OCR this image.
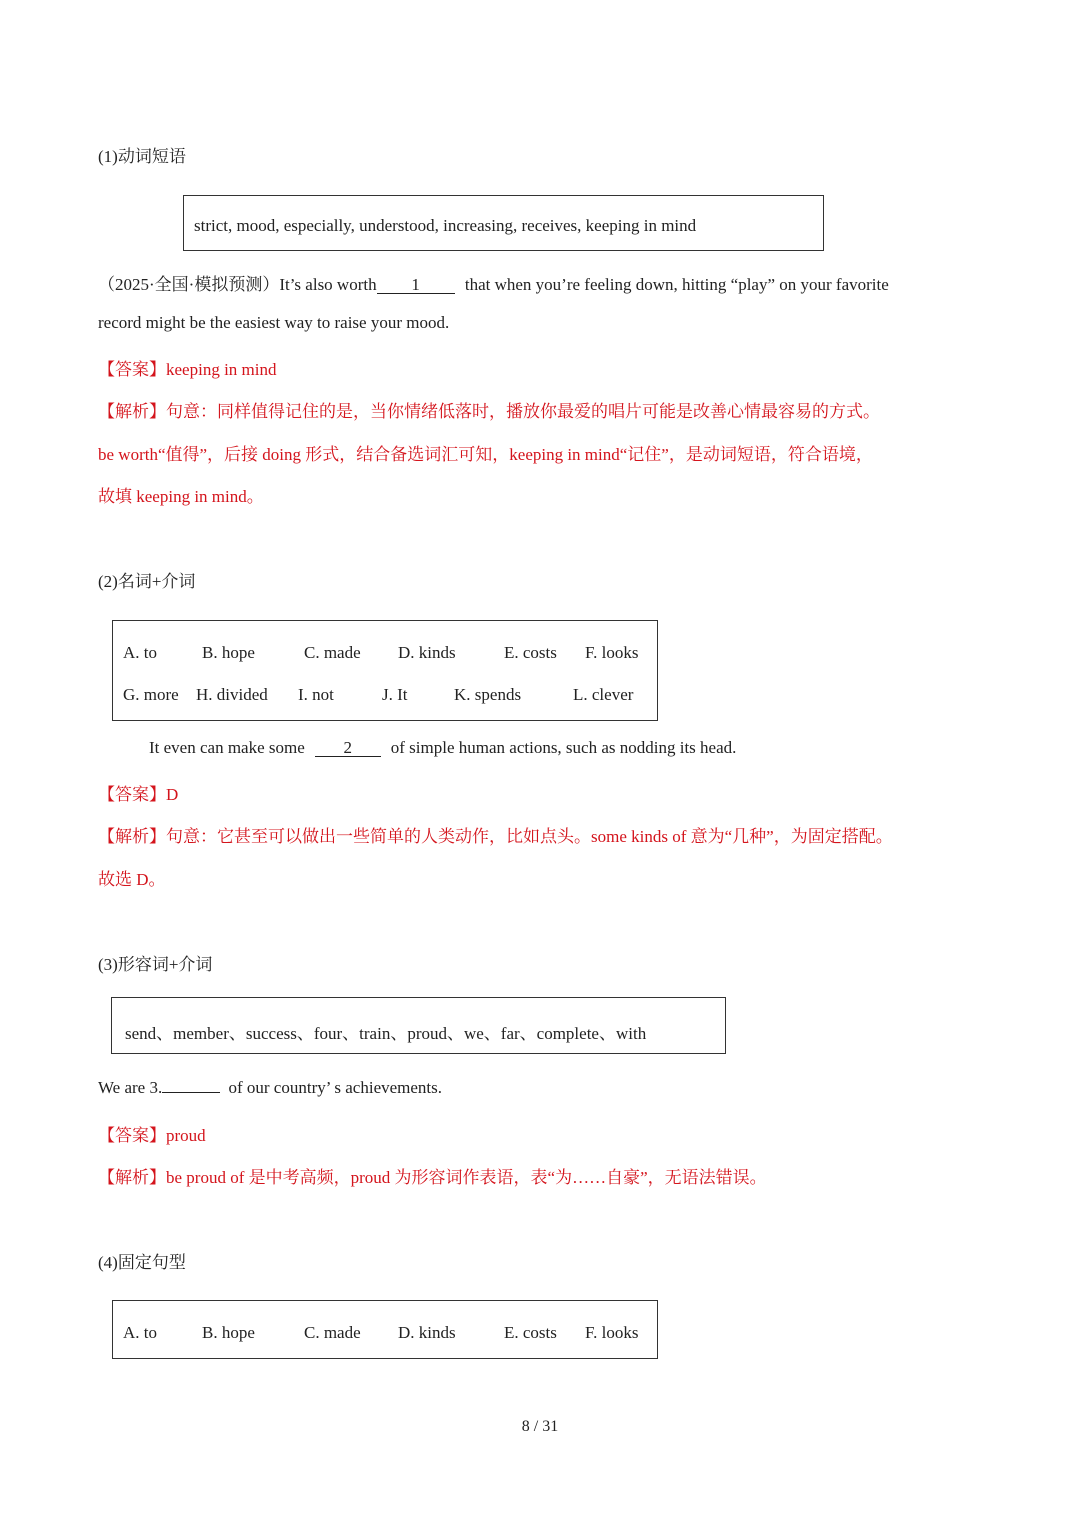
(1)动词短语
strict, mood, especially, understood, increasing, receives, keeping in mind
（2025·全国·模拟预测）It’s also worth 1 that when you’re feeling down, hitting “play” on your favorite
record might be the easiest way to raise your mood.
【答案】keeping in mind
【解析】句意：同样值得记住的是，当你情绪低落时，播放你最爱的唱片可能是改善心情最容易的方式。
be worth“值得”，后接 doing 形式，结合备选词汇可知，keeping in mind“记住”，是动词短语，符合语境，
故填 keeping in mind。
(2)名词+介词
A. to	B. hope	C. made D. kinds	E. costs F. looks
G. more H. divided I. not	J. It	K. spends	L. clever
It even can make some 2 of simple human actions, such as nodding its head.
【答案】D
【解析】句意：它甚至可以做出一些简单的人类动作，比如点头。some kinds of 意为“几种”，为固定搭配。
故选 D。
(3)形容词+介词
send、member、success、four、train、proud、we、far、complete、with
We are 3.	of our country’ s achievements.
【答案】proud
【解析】be proud of 是中考高频，proud 为形容词作表语，表“为……自豪”，无语法错误。
(4)固定句型
A. to	B. hope	C. made D. kinds	E. costs F. looks
8 / 31
